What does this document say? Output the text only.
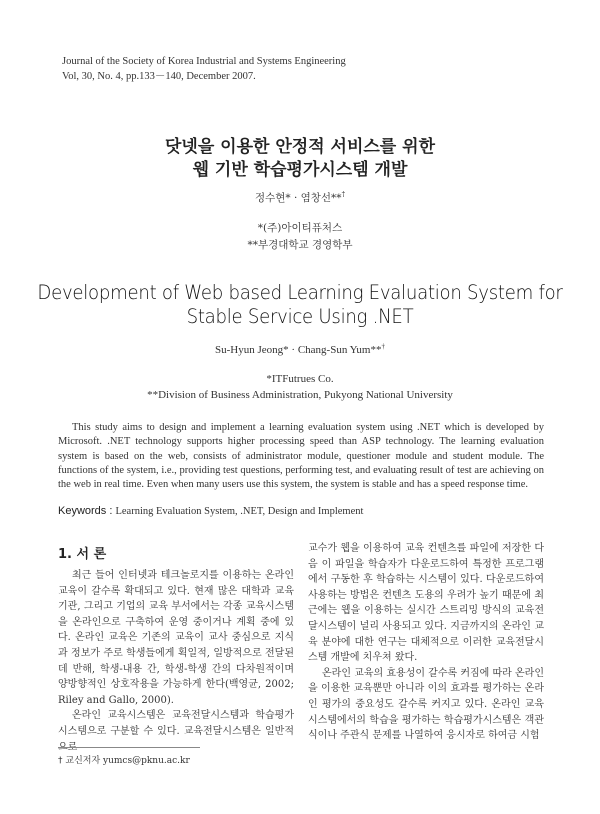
Journal of the Society of Korea Industrial and Systems Engineering
Vol, 30, No. 4, pp.133－140, December 2007.
닷넷을 이용한 안정적 서비스를 위한
웹 기반 학습평가시스템 개발
정수현* · 염창선**†
*(주)아이티퓨처스
**부경대학교 경영학부
Development of Web based Learning Evaluation System for
Stable Service Using .NET
Su-Hyun Jeong* · Chang-Sun Yum**†
*ITFutrues Co.
**Division of Business Administration, Pukyong National University
This study aims to design and implement a learning evaluation system using .NET which is developed by Microsoft. .NET technology supports higher processing speed than ASP technology. The learning evaluation system is based on the web, consists of administrator module, questioner module and student module. The functions of the system, i.e., providing test questions, performing test, and evaluating result of test are achieving on the web in real time. Even when many users use this system, the system is stable and has a speed response time.
Keywords : Learning Evaluation System, .NET, Design and Implement
1. 서 론

최근 들어 인터넷과 테크놀로지를 이용하는 온라인 교육이 갈수록 확대되고 있다. 현재 많은 대학과 교육기관, 그리고 기업의 교육 부서에서는 각종 교육시스템을 온라인으로 구축하여 운영 중이거나 계획 중에 있다. 온라인 교육은 기존의 교육이 교사 중심으로 지식과 정보가 주로 학생들에게 획일적, 일방적으로 전달된데 반해, 학생-내용 간, 학생-학생 간의 다차원적이며 양방향적인 상호작용을 가능하게 한다(백영균, 2002; Riley and Gallo, 2000).

온라인 교육시스템은 교육전달시스템과 학습평가시스템으로 구분할 수 있다. 교육전달시스템은 일반적으로

교수가 웹을 이용하여 교육 컨텐츠를 파일에 저장한 다음 이 파일을 학습자가 다운로드하여 특정한 프로그램에서 구동한 후 학습하는 시스템이 있다. 다운로드하여 사용하는 방법은 컨텐츠 도용의 우려가 높기 때문에 최근에는 웹을 이용하는 실시간 스트리밍 방식의 교육전달시스템이 널리 사용되고 있다. 지금까지의 온라인 교육 분야에 대한 연구는 대체적으로 이러한 교육전달시스템 개발에 치우쳐 왔다.

온라인 교육의 효용성이 갈수록 커짐에 따라 온라인을 이용한 교육뿐만 아니라 이의 효과를 평가하는 온라인 평가의 중요성도 갈수록 커지고 있다. 온라인 교육시스템에서의 학습을 평가하는 학습평가시스템은 객관식이나 주관식 문제를 나열하여 응시자로 하여금 시험

† 교신저자 yumcs@pknu.ac.kr
